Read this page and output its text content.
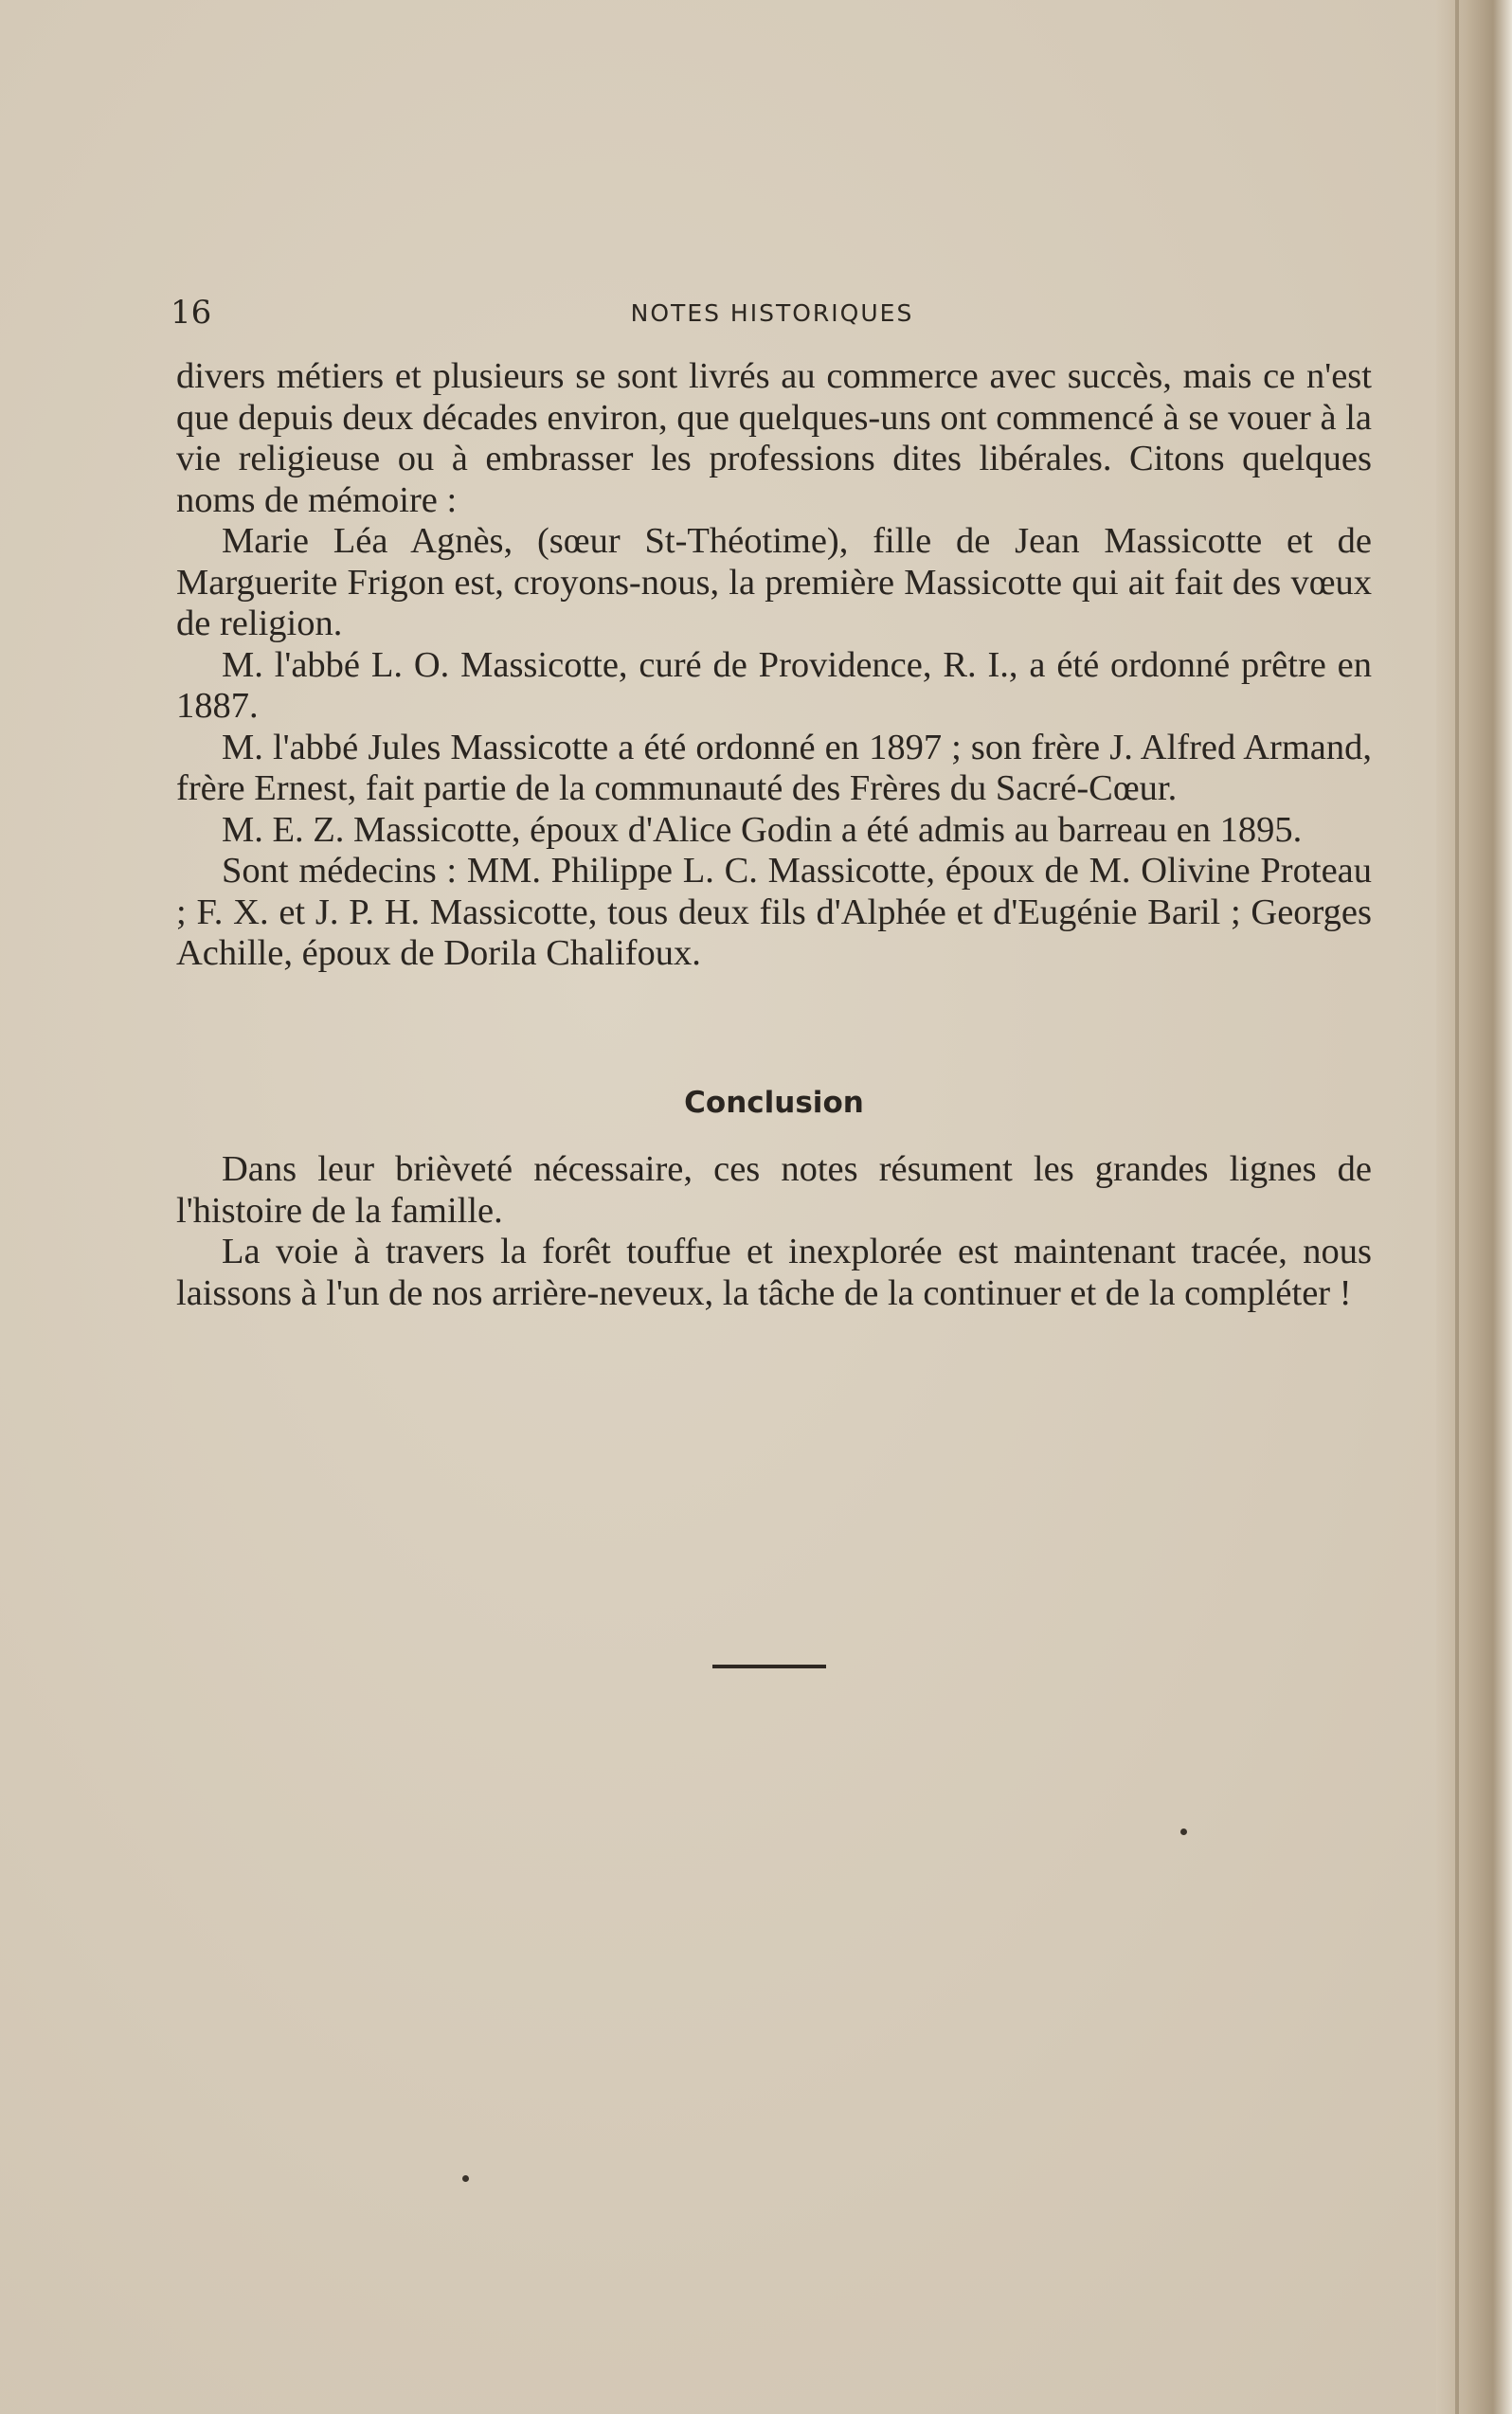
16	NOTES HISTORIQUES

divers métiers et plusieurs se sont livrés au commerce avec succès, mais ce n'est que depuis deux décades environ, que quelques-uns ont commencé à se vouer à la vie religieuse ou à embrasser les professions dites libérales. Citons quelques noms de mémoire :

Marie Léa Agnès, (sœur St-Théotime), fille de Jean Massicotte et de Marguerite Frigon est, croyons-nous, la première Massicotte qui ait fait des vœux de religion.

M. l'abbé L. O. Massicotte, curé de Providence, R. I., a été ordonné prêtre en 1887.

M. l'abbé Jules Massicotte a été ordonné en 1897 ; son frère J. Alfred Armand, frère Ernest, fait partie de la communauté des Frères du Sacré-Cœur.

M. E. Z. Massicotte, époux d'Alice Godin a été admis au barreau en 1895.

Sont médecins : MM. Philippe L. C. Massicotte, époux de M. Olivine Proteau ; F. X. et J. P. H. Massicotte, tous deux fils d'Alphée et d'Eugénie Baril ; Georges Achille, époux de Dorila Chalifoux.

Conclusion

Dans leur brièveté nécessaire, ces notes résument les grandes lignes de l'histoire de la famille.

La voie à travers la forêt touffue et inexplorée est maintenant tracée, nous laissons à l'un de nos arrière-neveux, la tâche de la continuer et de la compléter !
